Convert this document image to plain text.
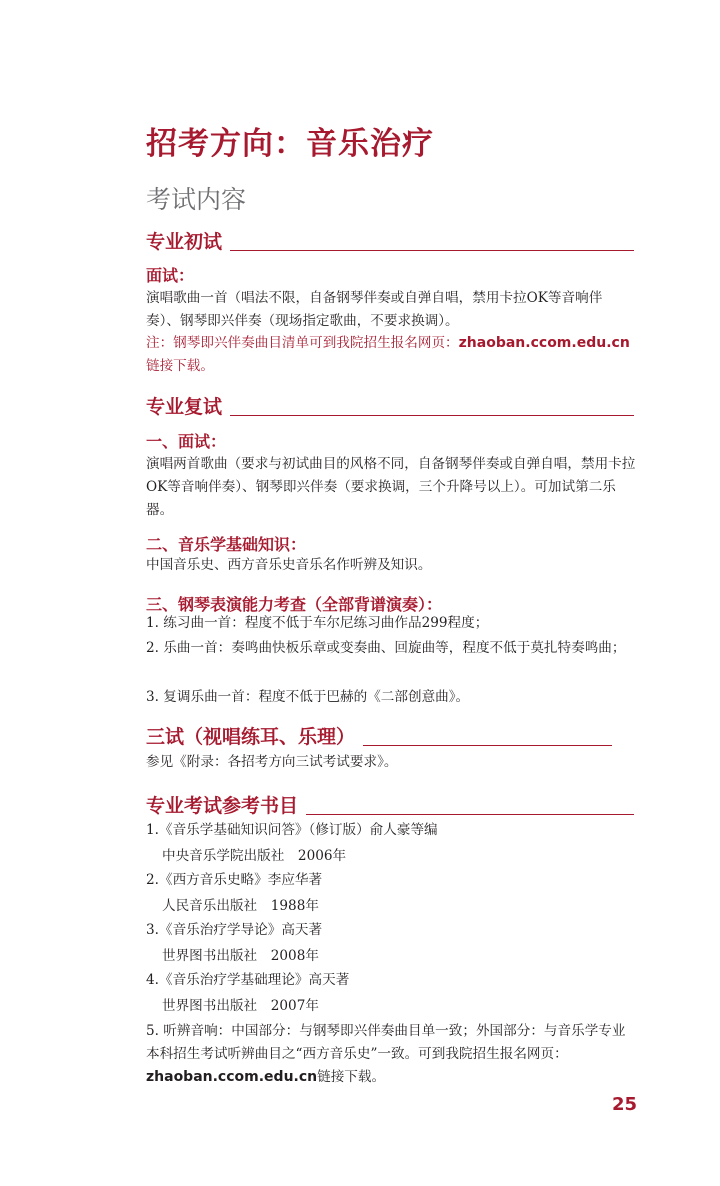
招考方向：音乐治疗
考试内容
专业初试
面试：
演唱歌曲一首（唱法不限，自备钢琴伴奏或自弹自唱，禁用卡拉OK等音响伴奏）、钢琴即兴伴奏（现场指定歌曲，不要求换调）。
注：钢琴即兴伴奏曲目清单可到我院招生报名网页：zhaoban.ccom.edu.cn链接下载。
专业复试
一、面试：
演唱两首歌曲（要求与初试曲目的风格不同，自备钢琴伴奏或自弹自唱，禁用卡拉OK等音响伴奏）、钢琴即兴伴奏（要求换调，三个升降号以上）。可加试第二乐器。
二、音乐学基础知识：
中国音乐史、西方音乐史音乐名作听辨及知识。
三、钢琴表演能力考查（全部背谱演奏）：
1. 练习曲一首：程度不低于车尔尼练习曲作品299程度；
2. 乐曲一首：奏鸣曲快板乐章或变奏曲、回旋曲等，程度不低于莫扎特奏鸣曲；
3. 复调乐曲一首：程度不低于巴赫的《二部创意曲》。
三试（视唱练耳、乐理）
参见《附录：各招考方向三试考试要求》。
专业考试参考书目
1.《音乐学基础知识问答》（修订版）俞人豪等编
中央音乐学院出版社　2006年
2.《西方音乐史略》李应华著
人民音乐出版社　1988年
3.《音乐治疗学导论》高天著
世界图书出版社　2008年
4.《音乐治疗学基础理论》高天著
世界图书出版社　2007年
5. 听辨音响：中国部分：与钢琴即兴伴奏曲目单一致；外国部分：与音乐学专业本科招生考试听辨曲目之“西方音乐史”一致。可到我院招生报名网页：zhaoban.ccom.edu.cn链接下载。
25
